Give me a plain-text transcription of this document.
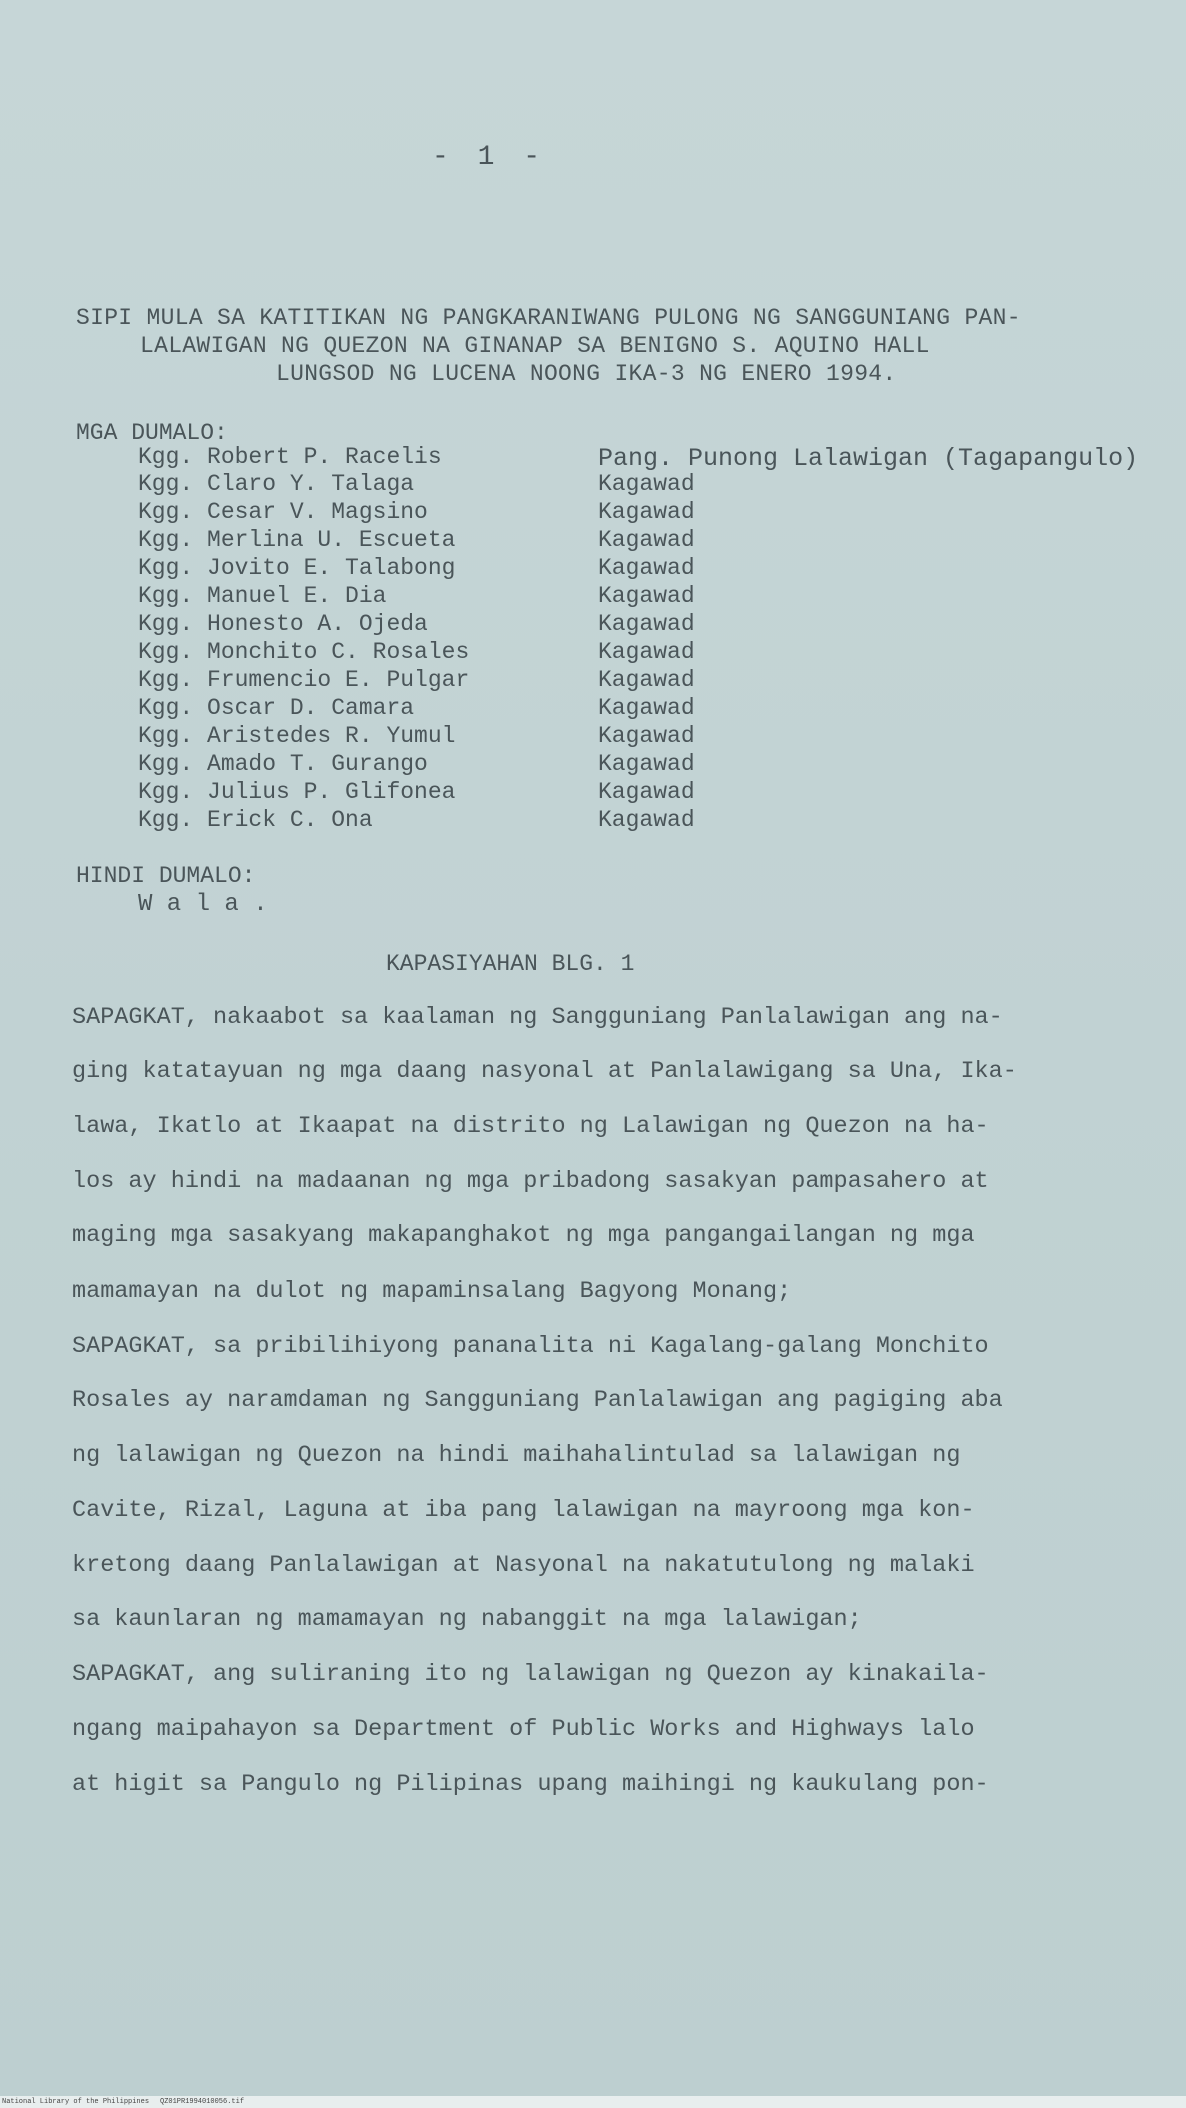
- 1 -
SIPI MULA SA KATITIKAN NG PANGKARANIWANG PULONG NG SANGGUNIANG PAN-
LALAWIGAN NG QUEZON NA GINANAP SA BENIGNO S. AQUINO HALL
LUNGSOD NG LUCENA NOONG IKA-3 NG ENERO 1994.
MGA DUMALO:
Kgg. Robert P. Racelis	Pang. Punong Lalawigan (Tagapangulo)
Kgg. Claro Y. Talaga	Kagawad
Kgg. Cesar V. Magsino	Kagawad
Kgg. Merlina U. Escueta	Kagawad
Kgg. Jovito E. Talabong	Kagawad
Kgg. Manuel E. Dia	Kagawad
Kgg. Honesto A. Ojeda	Kagawad
Kgg. Monchito C. Rosales	Kagawad
Kgg. Frumencio E. Pulgar	Kagawad
Kgg. Oscar D. Camara	Kagawad
Kgg. Aristedes R. Yumul	Kagawad
Kgg. Amado T. Gurango	Kagawad
Kgg. Julius P. Glifonea	Kagawad
Kgg. Erick C. Ona	Kagawad
HINDI DUMALO:
W a l a .
KAPASIYAHAN BLG. 1
SAPAGKAT, nakaabot sa kaalaman ng Sangguniang Panlalawigan ang na-
ging katatayuan ng mga daang nasyonal at Panlalawigang sa Una, Ika-
lawa, Ikatlo at Ikaapat na distrito ng Lalawigan ng Quezon na ha-
los ay hindi na madaanan ng mga pribadong sasakyan pampasahero at
maging mga sasakyang makapanghakot ng mga pangangailangan ng mga
mamamayan na dulot ng mapaminsalang Bagyong Monang;
SAPAGKAT, sa pribilihiyong pananalita ni Kagalang-galang Monchito
Rosales ay naramdaman ng Sangguniang Panlalawigan ang pagiging aba
ng lalawigan ng Quezon na hindi maihahalintulad sa lalawigan ng
Cavite, Rizal, Laguna at iba pang lalawigan na mayroong mga kon-
kretong daang Panlalawigan at Nasyonal na nakatutulong ng malaki
sa kaunlaran ng mamamayan ng nabanggit na mga lalawigan;
SAPAGKAT, ang suliraning ito ng lalawigan ng Quezon ay kinakaila-
ngang maipahayon sa Department of Public Works and Highways lalo
at higit sa Pangulo ng Pilipinas upang maihingi ng kaukulang pon-
National Library of the Philippines QZ01PR1994010056.tif
